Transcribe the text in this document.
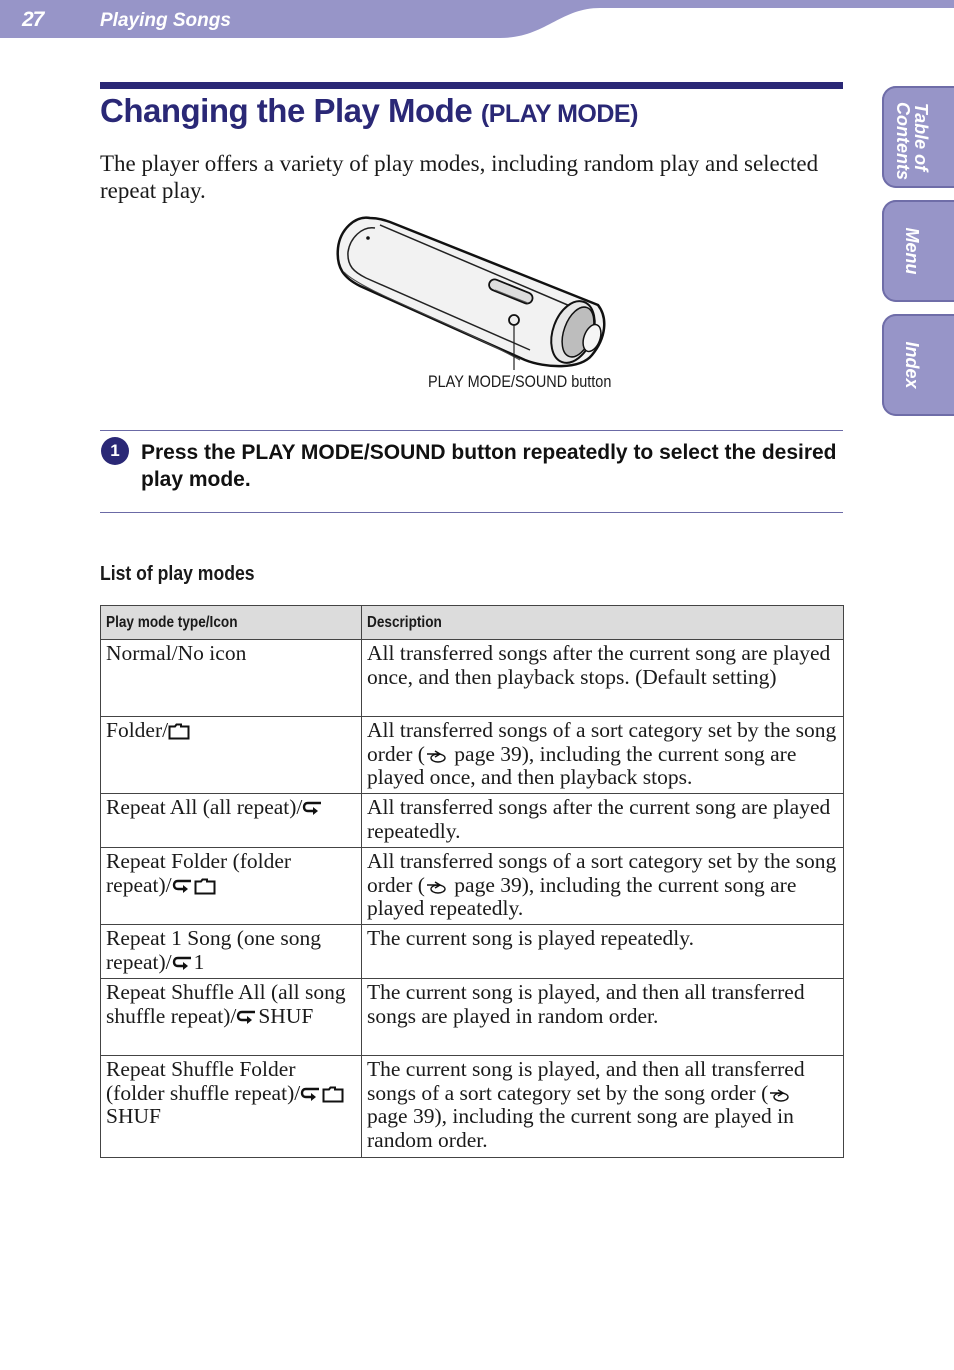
27	Playing Songs
Table of Contents
Menu
Index
Changing the Play Mode (PLAY MODE)
The player offers a variety of play modes, including random play and selected repeat play.
PLAY MODE/SOUND button
1	Press the PLAY MODE/SOUND button repeatedly to select the desired play mode.
List of play modes
Play mode type/Icon	Description
Normal/No icon	All transferred songs after the current song are played once, and then playback stops. (Default setting)
Folder/	All transferred songs of a sort category set by the song order ( page 39), including the current song are played once, and then playback stops.
Repeat All (all repeat)/	All transferred songs after the current song are played repeatedly.
Repeat Folder (folder repeat)/	All transferred songs of a sort category set by the song order ( page 39), including the current song are played repeatedly.
Repeat 1 Song (one song repeat)/ 1	The current song is played repeatedly.
Repeat Shuffle All (all song shuffle repeat)/ SHUF	The current song is played, and then all transferred songs are played in random order.
Repeat Shuffle Folder (folder shuffle repeat)/SHUF	The current song is played, and then all transferred songs of a sort category set by the song order ( page 39), including the current song are played in random order.
